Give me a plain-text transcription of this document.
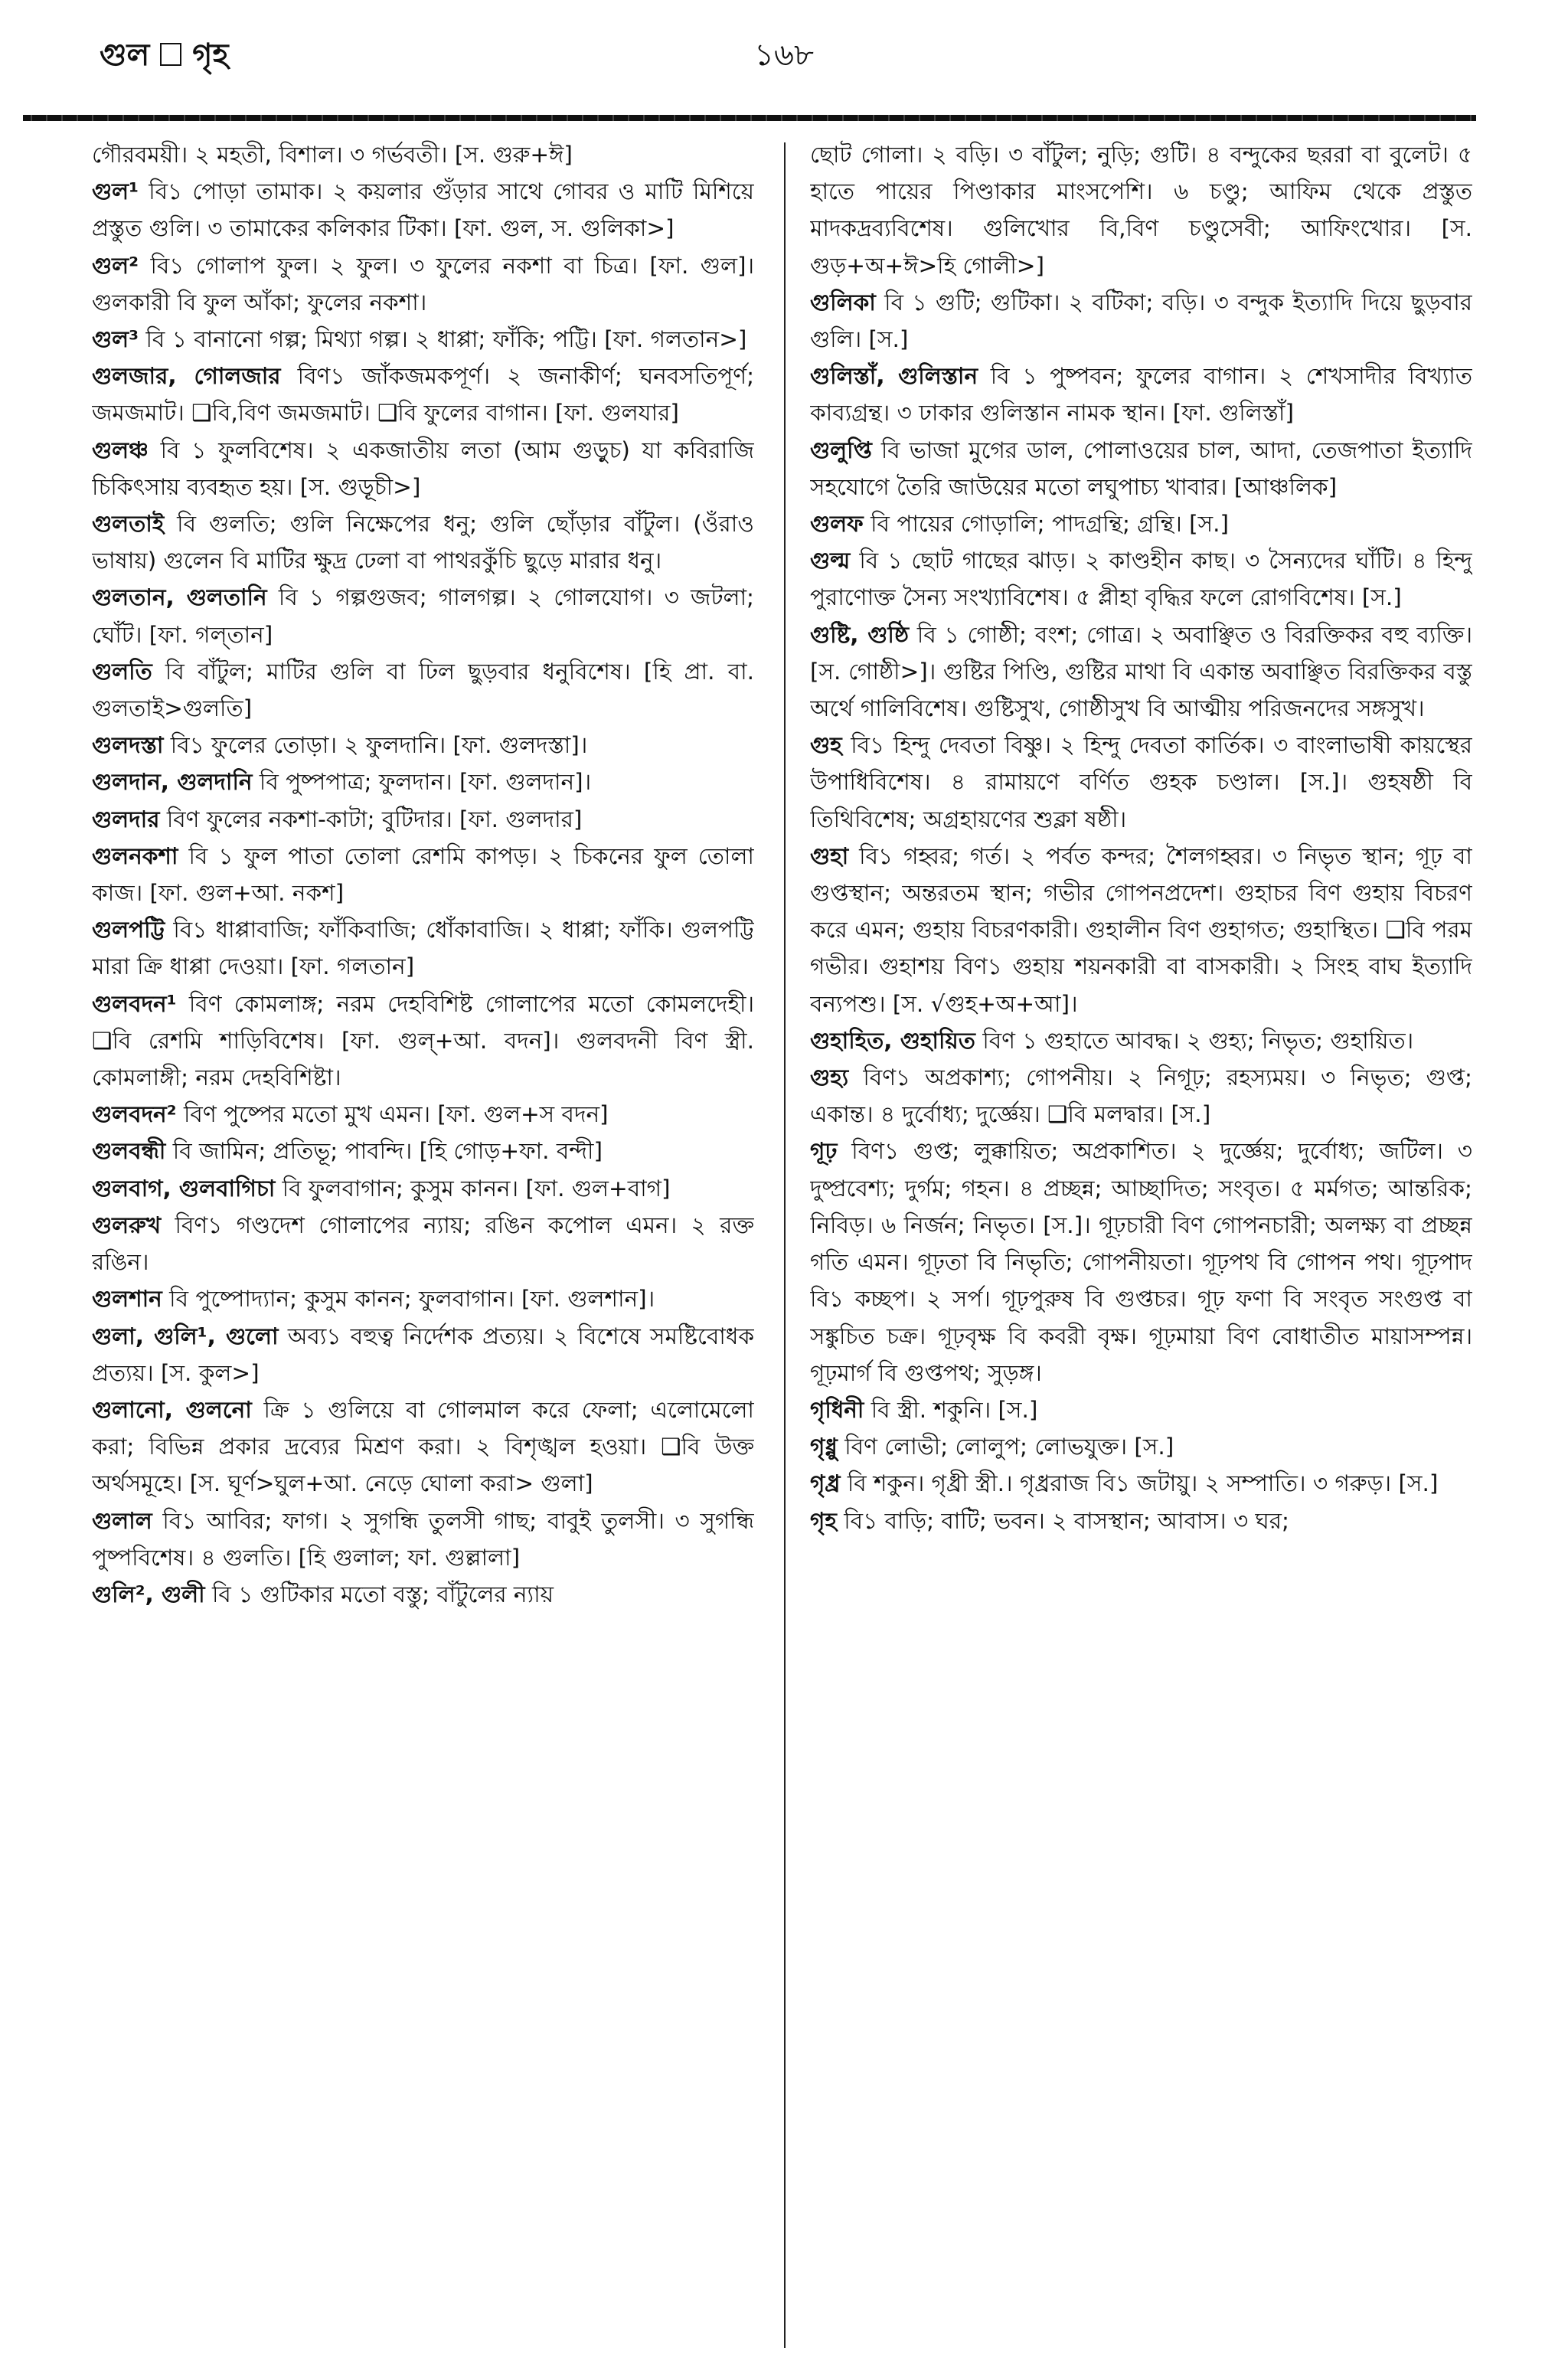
গুল গৃহ	১৬৮

গৌরবময়ী। ২ মহতী, বিশাল। ৩ গর্ভবতী। [স. গুরু+ঈ]

গুল¹ বি১ পোড়া তামাক। ২ কয়লার গুঁড়ার সাথে গোবর ও মাটি মিশিয়ে প্রস্তুত গুলি। ৩ তামাকের কলিকার টিকা। [ফা. গুল, স. গুলিকা>]

গুল² বি১ গোলাপ ফুল। ২ ফুল। ৩ ফুলের নকশা বা চিত্র। [ফা. গুল]। গুলকারী বি ফুল আঁকা; ফুলের নকশা।

গুল³ বি ১ বানানো গল্প; মিথ্যা গল্প। ২ ধাপ্পা; ফাঁকি; পট্টি। [ফা. গলতান>]

গুলজার, গোলজার বিণ১ জাঁকজমকপূর্ণ। ২ জনাকীর্ণ; ঘনবসতিপূর্ণ; জমজমাট। ❑বি,বিণ জমজমাট। ❑বি ফুলের বাগান। [ফা. গুলযার]

গুলঞ্চ বি ১ ফুলবিশেষ। ২ একজাতীয় লতা (আম গুড়ুচ) যা কবিরাজি চিকিৎসায় ব্যবহৃত হয়। [স. গুড়ূচী>]

গুলতাই বি গুলতি; গুলি নিক্ষেপের ধনু; গুলি ছোঁড়ার বাঁটুল। (ওঁরাও ভাষায়) গুলেন বি মাটির ক্ষুদ্র ঢেলা বা পাথরকুঁচি ছুড়ে মারার ধনু।

গুলতান, গুলতানি বি ১ গল্পগুজব; গালগল্প। ২ গোলযোগ। ৩ জটলা; ঘোঁট। [ফা. গল্‌তান]

গুলতি বি বাঁটুল; মাটির গুলি বা ঢিল ছুড়বার ধনুবিশেষ। [হি প্রা. বা. গুলতাই>গুলতি]

গুলদস্তা বি১ ফুলের তোড়া। ২ ফুলদানি। [ফা. গুলদস্তা]।

গুলদান, গুলদানি বি পুষ্পপাত্র; ফুলদান। [ফা. গুলদান]।

গুলদার বিণ ফুলের নকশা-কাটা; বুটিদার। [ফা. গুলদার]

গুলনকশা বি ১ ফুল পাতা তোলা রেশমি কাপড়। ২ চিকনের ফুল তোলা কাজ। [ফা. গুল+আ. নকশ]

গুলপট্টি বি১ ধাপ্পাবাজি; ফাঁকিবাজি; ধোঁকাবাজি। ২ ধাপ্পা; ফাঁকি। গুলপট্টি মারা ক্রি ধাপ্পা দেওয়া। [ফা. গলতান]

গুলবদন¹ বিণ কোমলাঙ্গ; নরম দেহবিশিষ্ট গোলাপের মতো কোমলদেহী। ❑বি রেশমি শাড়িবিশেষ। [ফা. গুল্+আ. বদন]। গুলবদনী বিণ স্ত্রী. কোমলাঙ্গী; নরম দেহবিশিষ্টা।

গুলবদন² বিণ পুষ্পের মতো মুখ এমন। [ফা. গুল+স বদন]

গুলবন্ধী বি জামিন; প্রতিভূ; পাবন্দি। [হি গোড়+ফা. বন্দী]

গুলবাগ, গুলবাগিচা বি ফুলবাগান; কুসুম কানন। [ফা. গুল+বাগ]

গুলরুখ বিণ১ গণ্ডদেশ গোলাপের ন্যায়; রঙিন কপোল এমন। ২ রক্ত রঙিন।

গুলশান বি পুষ্পোদ্যান; কুসুম কানন; ফুলবাগান। [ফা. গুলশান]।

গুলা, গুলি¹, গুলো অব্য১ বহুত্ব নির্দেশক প্রত্যয়। ২ বিশেষে সমষ্টিবোধক প্রত্যয়। [স. কুল>]

গুলানো, গুলনো ক্রি ১ গুলিয়ে বা গোলমাল করে ফেলা; এলোমেলো করা; বিভিন্ন প্রকার দ্রব্যের মিশ্রণ করা। ২ বিশৃঙ্খল হওয়া। ❑বি উক্ত অর্থসমূহে। [স. ঘূর্ণ>ঘুল+আ. নেড়ে ঘোলা করা> গুলা]

গুলাল বি১ আবির; ফাগ। ২ সুগন্ধি তুলসী গাছ; বাবুই তুলসী। ৩ সুগন্ধি পুষ্পবিশেষ। ৪ গুলতি। [হি গুলাল; ফা. গুল্লালা]

গুলি², গুলী বি ১ গুটিকার মতো বস্তু; বাঁটুলের ন্যায়

ছোট গোলা। ২ বড়ি। ৩ বাঁটুল; নুড়ি; গুটি। ৪ বন্দুকের ছররা বা বুলেট। ৫ হাতে পায়ের পিণ্ডাকার মাংসপেশি। ৬ চণ্ডু; আফিম থেকে প্রস্তুত মাদকদ্রব্যবিশেষ। গুলিখোর বি,বিণ চণ্ডুসেবী; আফিংখোর। [স. গুড়+অ+ঈ>হি গোলী>]

গুলিকা বি ১ গুটি; গুটিকা। ২ বটিকা; বড়ি। ৩ বন্দুক ইত্যাদি দিয়ে ছুড়বার গুলি। [স.]

গুলিস্তাঁ, গুলিস্তান বি ১ পুষ্পবন; ফুলের বাগান। ২ শেখসাদীর বিখ্যাত কাব্যগ্রন্থ। ৩ ঢাকার গুলিস্তান নামক স্থান। [ফা. গুলিস্তাঁ]

গুলুপ্তি বি ভাজা মুগের ডাল, পোলাওয়ের চাল, আদা, তেজপাতা ইত্যাদি সহযোগে তৈরি জাউয়ের মতো লঘুপাচ্য খাবার। [আঞ্চলিক]

গুলফ বি পায়ের গোড়ালি; পাদগ্রন্থি; গ্রন্থি। [স.]

গুল্ম বি ১ ছোট গাছের ঝাড়। ২ কাণ্ডহীন কাছ। ৩ সৈন্যদের ঘাঁটি। ৪ হিন্দু পুরাণোক্ত সৈন্য সংখ্যাবিশেষ। ৫ প্লীহা বৃদ্ধির ফলে রোগবিশেষ। [স.]

গুষ্টি, গুষ্ঠি বি ১ গোষ্ঠী; বংশ; গোত্র। ২ অবাঞ্ছিত ও বিরক্তিকর বহু ব্যক্তি। [স. গোষ্ঠী>]। গুষ্টির পিণ্ডি, গুষ্টির মাথা বি একান্ত অবাঞ্ছিত বিরক্তিকর বস্তু অর্থে গালিবিশেষ। গুষ্টিসুখ, গোষ্ঠীসুখ বি আত্মীয় পরিজনদের সঙ্গসুখ।

গুহ বি১ হিন্দু দেবতা বিষ্ণু। ২ হিন্দু দেবতা কার্তিক। ৩ বাংলাভাষী কায়স্থের উপাধিবিশেষ। ৪ রামায়ণে বর্ণিত গুহক চণ্ডাল। [স.]। গুহষষ্ঠী বি তিথিবিশেষ; অগ্রহায়ণের শুক্লা ষষ্ঠী।

গুহা বি১ গহ্বর; গর্ত। ২ পর্বত কন্দর; শৈলগহ্বর। ৩ নিভৃত স্থান; গূঢ় বা গুপ্তস্থান; অন্তরতম স্থান; গভীর গোপনপ্রদেশ। গুহাচর বিণ গুহায় বিচরণ করে এমন; গুহায় বিচরণকারী। গুহালীন বিণ গুহাগত; গুহাস্থিত। ❑বি পরম গভীর। গুহাশয় বিণ১ গুহায় শয়নকারী বা বাসকারী। ২ সিংহ বাঘ ইত্যাদি বন্যপশু। [স. √গুহ+অ+আ]।

গুহাহিত, গুহায়িত বিণ ১ গুহাতে আবদ্ধ। ২ গুহ্য; নিভৃত; গুহায়িত।

গুহ্য বিণ১ অপ্রকাশ্য; গোপনীয়। ২ নিগূঢ়; রহস্যময়। ৩ নিভৃত; গুপ্ত; একান্ত। ৪ দুর্বোধ্য; দুর্জ্ঞেয়। ❑বি মলদ্বার। [স.]

গূঢ় বিণ১ গুপ্ত; লুক্কায়িত; অপ্রকাশিত। ২ দুর্জ্ঞেয়; দুর্বোধ্য; জটিল। ৩ দুষ্প্রবেশ্য; দুর্গম; গহন। ৪ প্রচ্ছন্ন; আচ্ছাদিত; সংবৃত। ৫ মর্মগত; আন্তরিক; নিবিড়। ৬ নির্জন; নিভৃত। [স.]। গূঢ়চারী বিণ গোপনচারী; অলক্ষ্য বা প্রচ্ছন্ন গতি এমন। গূঢ়তা বি নিভৃতি; গোপনীয়তা। গূঢ়পথ বি গোপন পথ। গূঢ়পাদ বি১ কচ্ছপ। ২ সর্প। গূঢ়পুরুষ বি গুপ্তচর। গূঢ় ফণা বি সংবৃত সংগুপ্ত বা সঙ্কুচিত চক্র। গূঢ়বৃক্ষ বি কবরী বৃক্ষ। গূঢ়মায়া বিণ বোধাতীত মায়াসম্পন্ন। গূঢ়মার্গ বি গুপ্তপথ; সুড়ঙ্গ।

গৃধিনী বি স্ত্রী. শকুনি। [স.]

গৃধ্নু বিণ লোভী; লোলুপ; লোভযুক্ত। [স.]

গৃধ্র বি শকুন। গৃধ্রী স্ত্রী.। গৃধ্ররাজ বি১ জটায়ু। ২ সম্পাতি। ৩ গরুড়। [স.]

গৃহ বি১ বাড়ি; বাটি; ভবন। ২ বাসস্থান; আবাস। ৩ ঘর;
